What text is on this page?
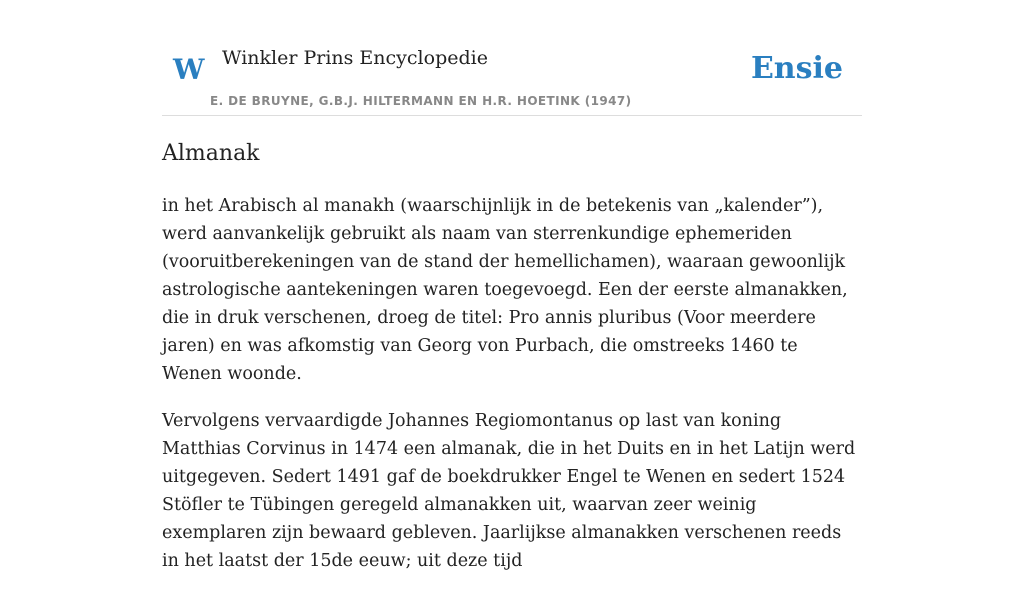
W Winkler Prins Encyclopedie
E. DE BRUYNE, G.B.J. HILTERMANN EN H.R. HOETINK (1947)
Ensie
Almanak

in het Arabisch al manakh (waarschijnlijk in de betekenis van „kalender”), werd aanvankelijk gebruikt als naam van sterrenkundige ephemeriden (vooruitberekeningen van de stand der hemellichamen), waaraan gewoonlijk astrologische aantekeningen waren toegevoegd. Een der eerste almanakken, die in druk verschenen, droeg de titel: Pro annis pluribus (Voor meerdere jaren) en was afkomstig van Georg von Purbach, die omstreeks 1460 te Wenen woonde.

Vervolgens vervaardigde Johannes Regiomontanus op last van koning Matthias Corvinus in 1474 een almanak, die in het Duits en in het Latijn werd uitgegeven. Sedert 1491 gaf de boekdrukker Engel te Wenen en sedert 1524 Stöfler te Tübingen geregeld almanakken uit, waarvan zeer weinig exemplaren zijn bewaard gebleven. Jaarlijkse almanakken verschenen reeds in het laatst der 15de eeuw; uit deze tijd
